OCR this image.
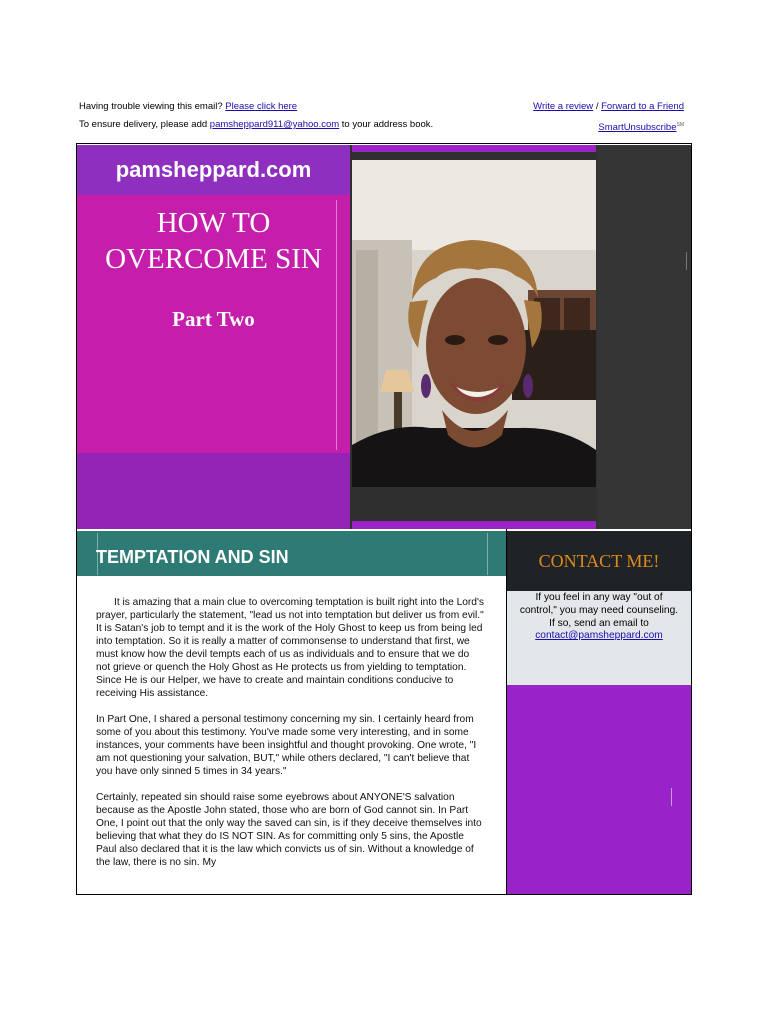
Having trouble viewing this email? Please click here
To ensure delivery, please add pamsheppard911@yahoo.com to your address book.
Write a review / Forward to a Friend
SmartUnsubscribe℠
pamsheppard.com
HOW TO OVERCOME SIN
Part Two
TEMPTATION AND SIN

It is amazing that a main clue to overcoming temptation is built right into the Lord's prayer, particularly the statement, "lead us not into temptation but deliver us from evil." It is Satan's job to tempt and it is the work of the Holy Ghost to keep us from being led into temptation. So it is really a matter of commonsense to understand that first, we must know how the devil tempts each of us as individuals and to ensure that we do not grieve or quench the Holy Ghost as He protects us from yielding to temptation. Since He is our Helper, we have to create and maintain conditions conducive to receiving His assistance.

In Part One, I shared a personal testimony concerning my sin. I certainly heard from some of you about this testimony. You've made some very interesting, and in some instances, your comments have been insightful and thought provoking. One wrote, "I am not questioning your salvation, BUT," while others declared, "I can't believe that you have only sinned 5 times in 34 years."

Certainly, repeated sin should raise some eyebrows about ANYONE'S salvation because as the Apostle John stated, those who are born of God cannot sin. In Part One, I point out that the only way the saved can sin, is if they deceive themselves into believing that what they do IS NOT SIN. As for committing only 5 sins, the Apostle Paul also declared that it is the law which convicts us of sin. Without a knowledge of the law, there is no sin. My

CONTACT ME!
If you feel in any way "out of control," you may need counseling. If so, send an email to
contact@pamsheppard.com
